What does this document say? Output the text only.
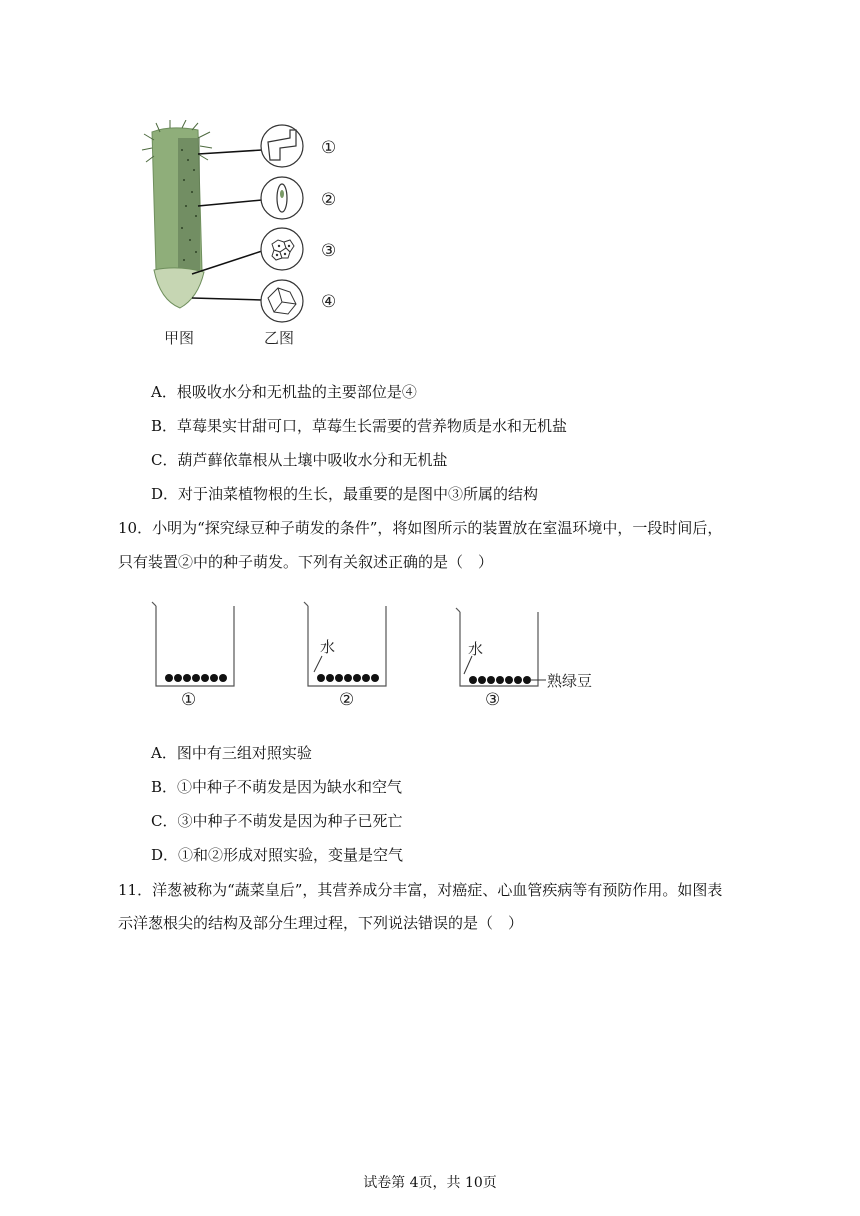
①
②
③
④
甲图	乙图
A．根吸收水分和无机盐的主要部位是④
B．草莓果实甘甜可口，草莓生长需要的营养物质是水和无机盐
C．葫芦藓依靠根从土壤中吸收水分和无机盐
D．对于油菜植物根的生长，最重要的是图中③所属的结构
10．小明为“探究绿豆种子萌发的条件”，将如图所示的装置放在室温环境中，一段时间后，
只有装置②中的种子萌发。下列有关叙述正确的是（　）
水	水
熟绿豆
①	②	③
A．图中有三组对照实验
B．①中种子不萌发是因为缺水和空气
C．③中种子不萌发是因为种子已死亡
D．①和②形成对照实验，变量是空气
11．洋葱被称为“蔬菜皇后”，其营养成分丰富，对癌症、心血管疾病等有预防作用。如图表
示洋葱根尖的结构及部分生理过程，下列说法错误的是（　）
试卷第 4页，共 10页
